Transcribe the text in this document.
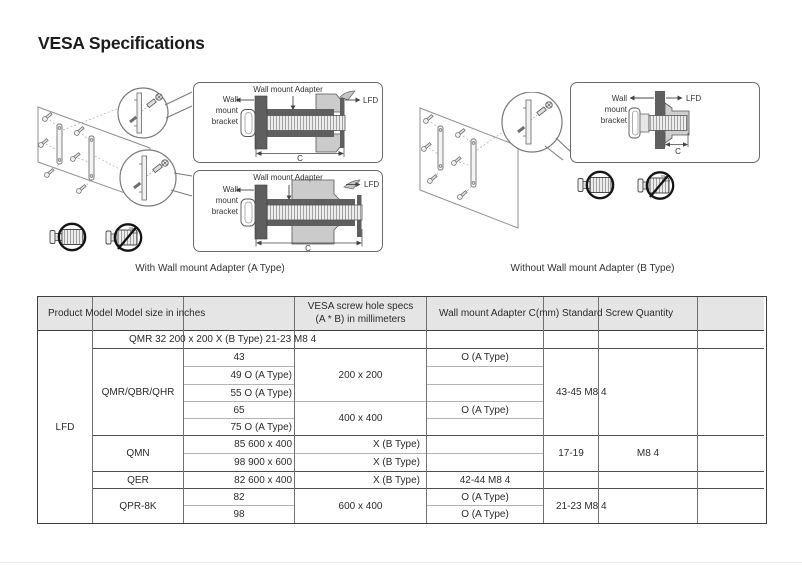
VESA Specifications
Wall mount Adapter
Wall
mount
bracket
LFD
C
Wall mount Adapter
Wall
mount
bracket
LFD
C
With Wall mount Adapter (A Type)
Wall
mount
bracket
LFD
C
Without Wall mount Adapter (B Type)
LFD
QMR/QBR/QHR
QMN
QER
QPR-8K
43
49 O (A Type)
55 O (A Type)
65
75 O (A Type)
85 600 x 400
98 900 x 600
82 600 x 400
82
98
VESA screw hole specs
(A * B) in millimeters
200 x 200
400 x 400
X (B Type)
X (B Type)
X (B Type)
600 x 400
O (A Type)
O (A Type)
42-44 M8 4
O (A Type)
O (A Type)
43-45 M8 4
17-19
21-23 M8 4
M8 4
Product Model Model size in inches	Wall mount Adapter C(mm) Standard Screw Quantity
QMR 32 200 x 200 X (B Type) 21-23 M8 4
